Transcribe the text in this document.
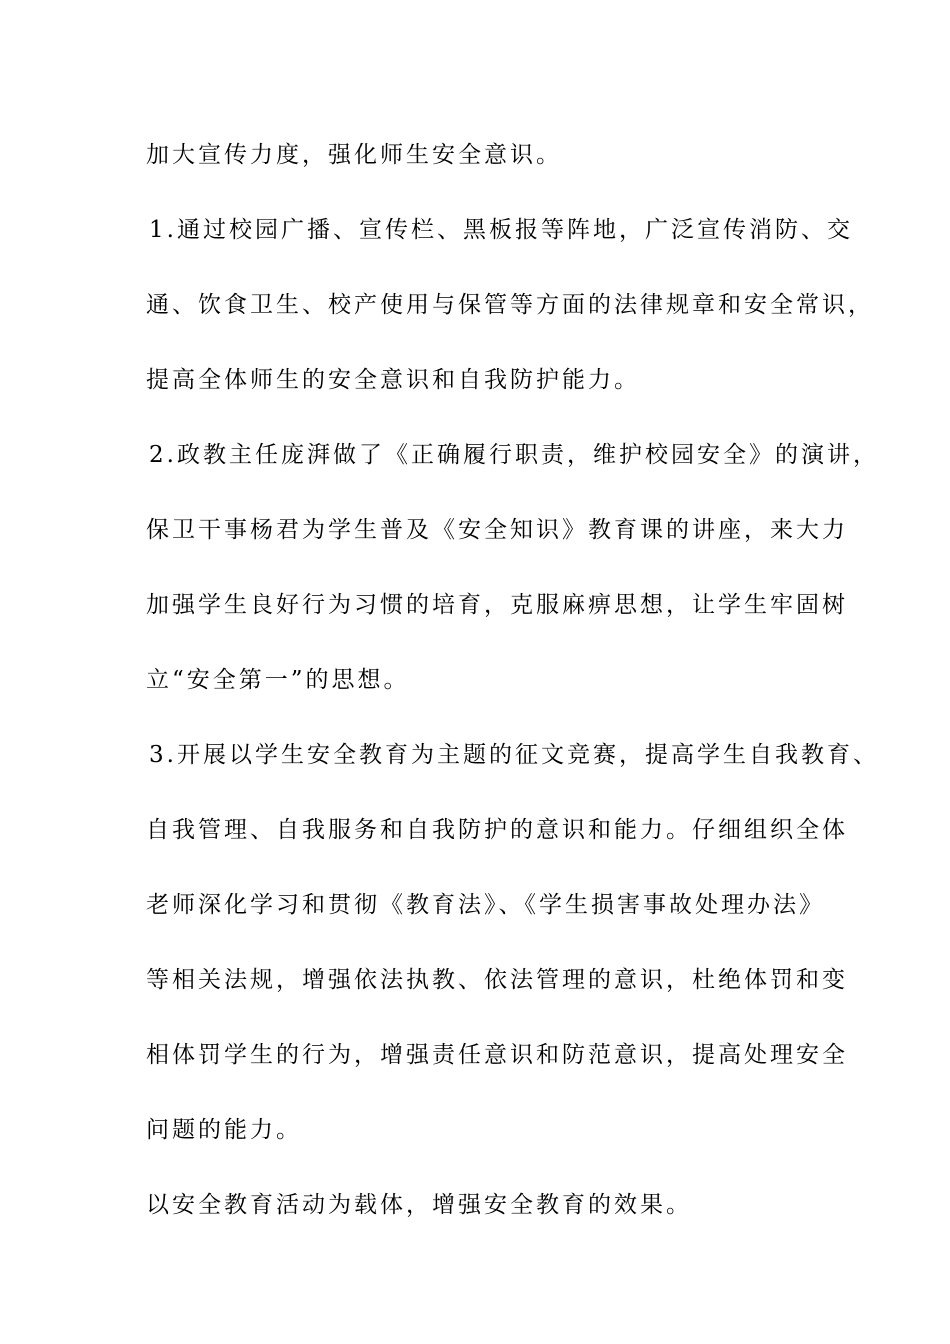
加大宣传力度，强化师生安全意识。
1.通过校园广播、宣传栏、黑板报等阵地，广泛宣传消防、交
通、饮食卫生、校产使用与保管等方面的法律规章和安全常识，
提高全体师生的安全意识和自我防护能力。
2.政教主任庞湃做了《正确履行职责，维护校园安全》的演讲，
保卫干事杨君为学生普及《安全知识》教育课的讲座，来大力
加强学生良好行为习惯的培育，克服麻痹思想，让学生牢固树
立“安全第一”的思想。
3.开展以学生安全教育为主题的征文竞赛，提高学生自我教育、
自我管理、自我服务和自我防护的意识和能力。仔细组织全体
老师深化学习和贯彻《教育法》、《学生损害事故处理办法》
等相关法规，增强依法执教、依法管理的意识，杜绝体罚和变
相体罚学生的行为，增强责任意识和防范意识，提高处理安全
问题的能力。
以安全教育活动为载体，增强安全教育的效果。
